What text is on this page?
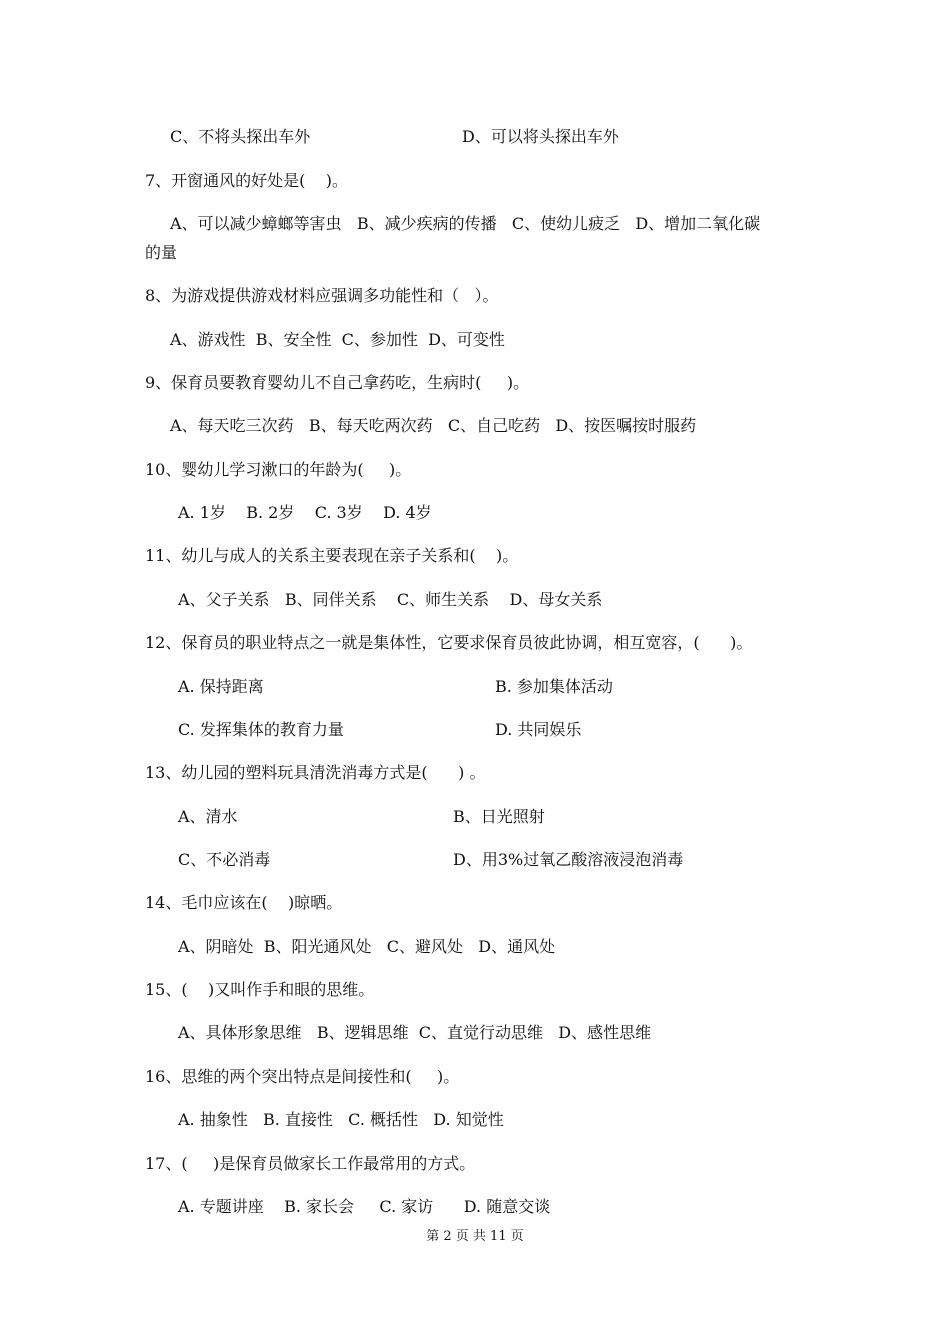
C、不将头探出车外	D、可以将头探出车外
7、开窗通风的好处是(    )。
A、可以减少蟑螂等害虫   B、减少疾病的传播   C、使幼儿疲乏   D、增加二氧化碳
的量
8、为游戏提供游戏材料应强调多功能性和（   ）。
A、游戏性  B、安全性  C、参加性  D、可变性
9、保育员要教育婴幼儿不自己拿药吃，生病时(     )。
A、每天吃三次药   B、每天吃两次药   C、自己吃药   D、按医嘱按时服药
10、婴幼儿学习漱口的年龄为(     )。
A. 1岁    B. 2岁    C. 3岁    D. 4岁
11、幼儿与成人的关系主要表现在亲子关系和(    )。
A、父子关系   B、同伴关系    C、师生关系    D、母女关系
12、保育员的职业特点之一就是集体性，它要求保育员彼此协调，相互宽容，(      )。
A. 保持距离	B. 参加集体活动
C. 发挥集体的教育力量	D. 共同娱乐
13、幼儿园的塑料玩具清洗消毒方式是(      ) 。
A、清水	B、日光照射
C、不必消毒	D、用3%过氧乙酸溶液浸泡消毒
14、毛巾应该在(    )晾晒。
A、阴暗处  B、阳光通风处   C、避风处   D、通风处
15、(    )又叫作手和眼的思维。
A、具体形象思维   B、逻辑思维  C、直觉行动思维   D、感性思维
16、思维的两个突出特点是间接性和(     )。
A. 抽象性   B. 直接性   C. 概括性   D. 知觉性
17、(     )是保育员做家长工作最常用的方式。
A. 专题讲座    B. 家长会     C. 家访      D. 随意交谈
第 2 页 共 11 页
